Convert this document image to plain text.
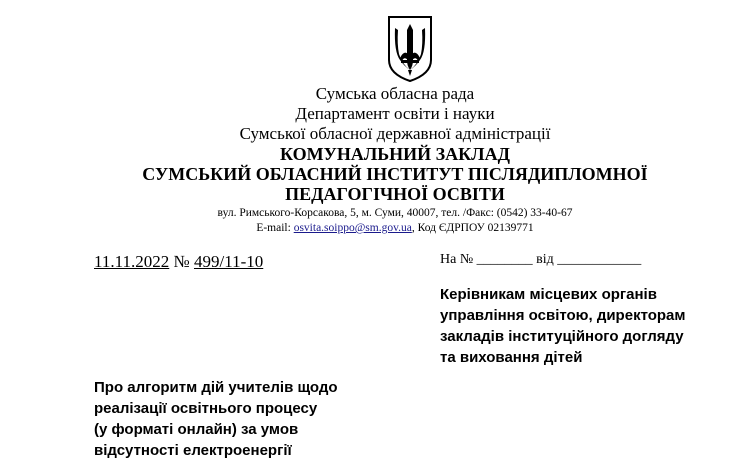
Сумська обласна рада
Департамент освіти і науки
Сумської обласної державної адміністрації
КОМУНАЛЬНИЙ ЗАКЛАД
СУМСЬКИЙ ОБЛАСНИЙ ІНСТИТУТ ПІСЛЯДИПЛОМНОЇ
ПЕДАГОГІЧНОЇ ОСВІТИ
вул. Римського-Корсакова, 5, м. Суми, 40007, тел. /Факс: (0542) 33-40-67
E-mail: osvita.soippo@sm.gov.ua, Код ЄДРПОУ 02139771
11.11.2022 № 499/11-10	На № ________ від ____________
Керівникам місцевих органів
управління освітою, директорам
закладів інституційного догляду
та виховання дітей
Про алгоритм дій учителів щодо
реалізації освітнього процесу
(у форматі онлайн) за умов
відсутності електроенергії
